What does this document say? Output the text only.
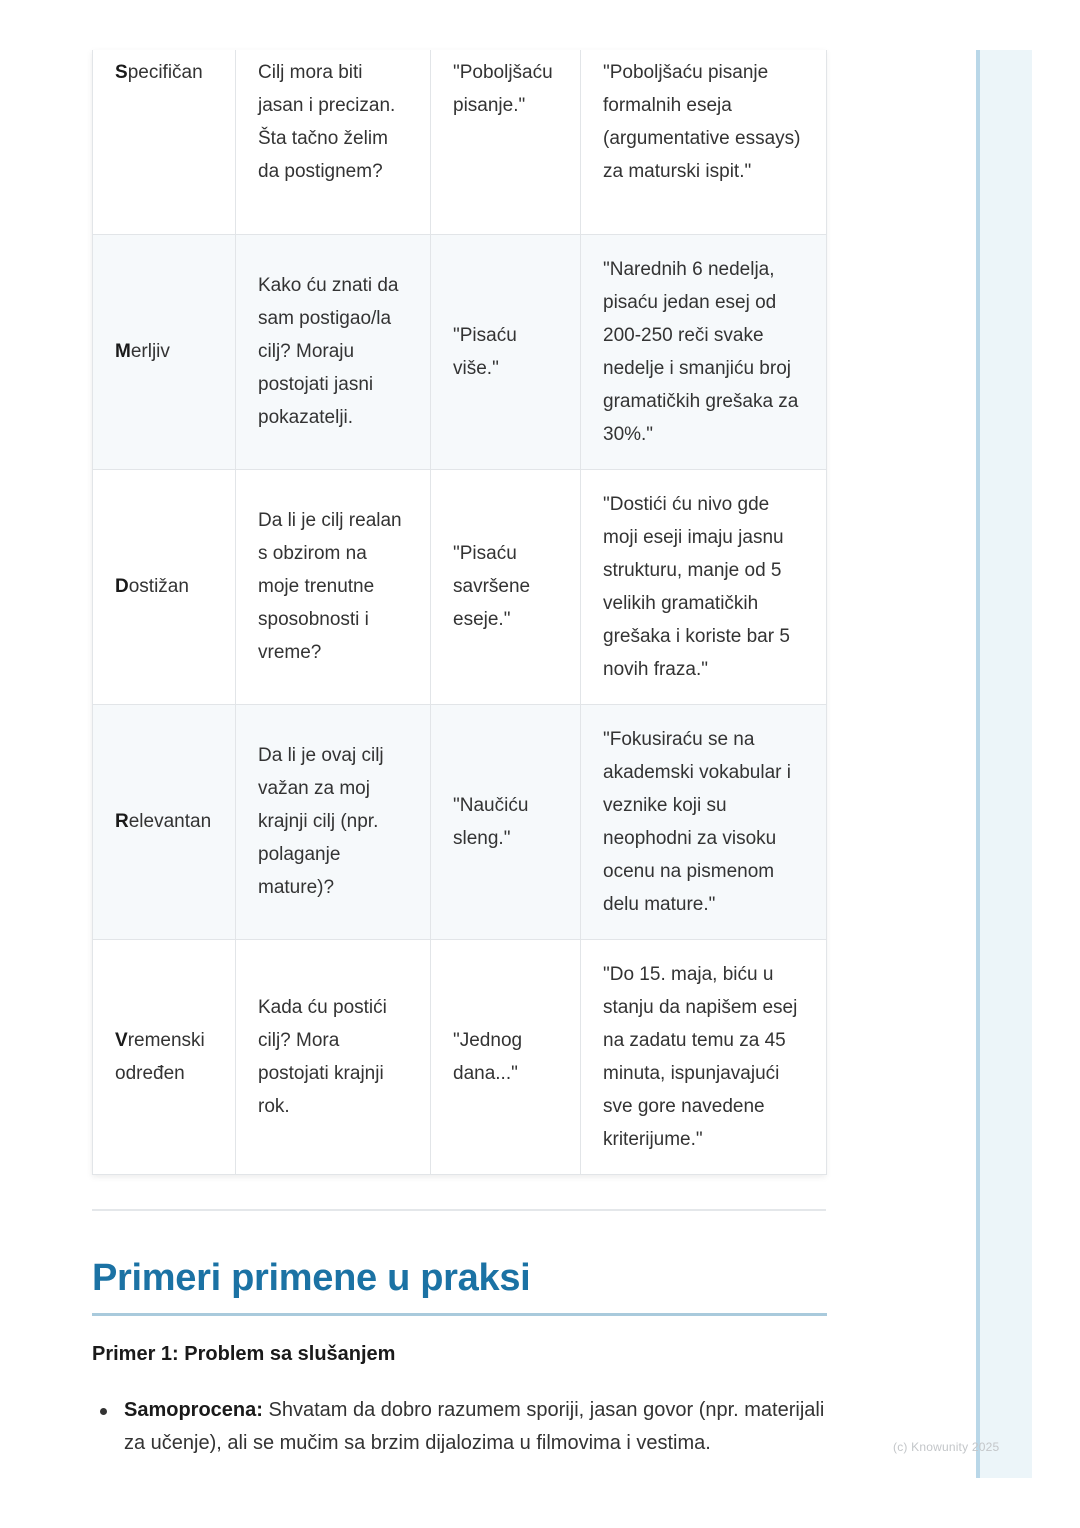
(c) Knowunity 2025
Specifičan	Cilj mora biti jasan i precizan. Šta tačno želim da postignem?	"Poboljšaću pisanje."	"Poboljšaću pisanje formalnih eseja (argumentative essays) za maturski ispit."
Merljiv	Kako ću znati da sam postigao/la cilj? Moraju postojati jasni pokazatelji.	"Pisaću više."	"Narednih 6 nedelja, pisaću jedan esej od 200-250 reči svake nedelje i smanjiću broj gramatičkih grešaka za 30%."
Dostižan	Da li je cilj realan s obzirom na moje trenutne sposobnosti i vreme?	"Pisaću savršene eseje."	"Dostići ću nivo gde moji eseji imaju jasnu strukturu, manje od 5 velikih gramatičkih grešaka i koriste bar 5 novih fraza."
Relevantan	Da li je ovaj cilj važan za moj krajnji cilj (npr. polaganje mature)?	"Naučiću sleng."	"Fokusiraću se na akademski vokabular i veznike koji su neophodni za visoku ocenu na pismenom delu mature."
Vremenski određen	Kada ću postići cilj? Mora postojati krajnji rok.	"Jednog dana..."	"Do 15. maja, biću u stanju da napišem esej na zadatu temu za 45 minuta, ispunjavajući sve gore navedene kriterijume."
Primeri primene u praksi
Primer 1: Problem sa slušanjem
Samoprocena: Shvatam da dobro razumem sporiji, jasan govor (npr. materijali za učenje), ali se mučim sa brzim dijalozima u filmovima i vestima.
